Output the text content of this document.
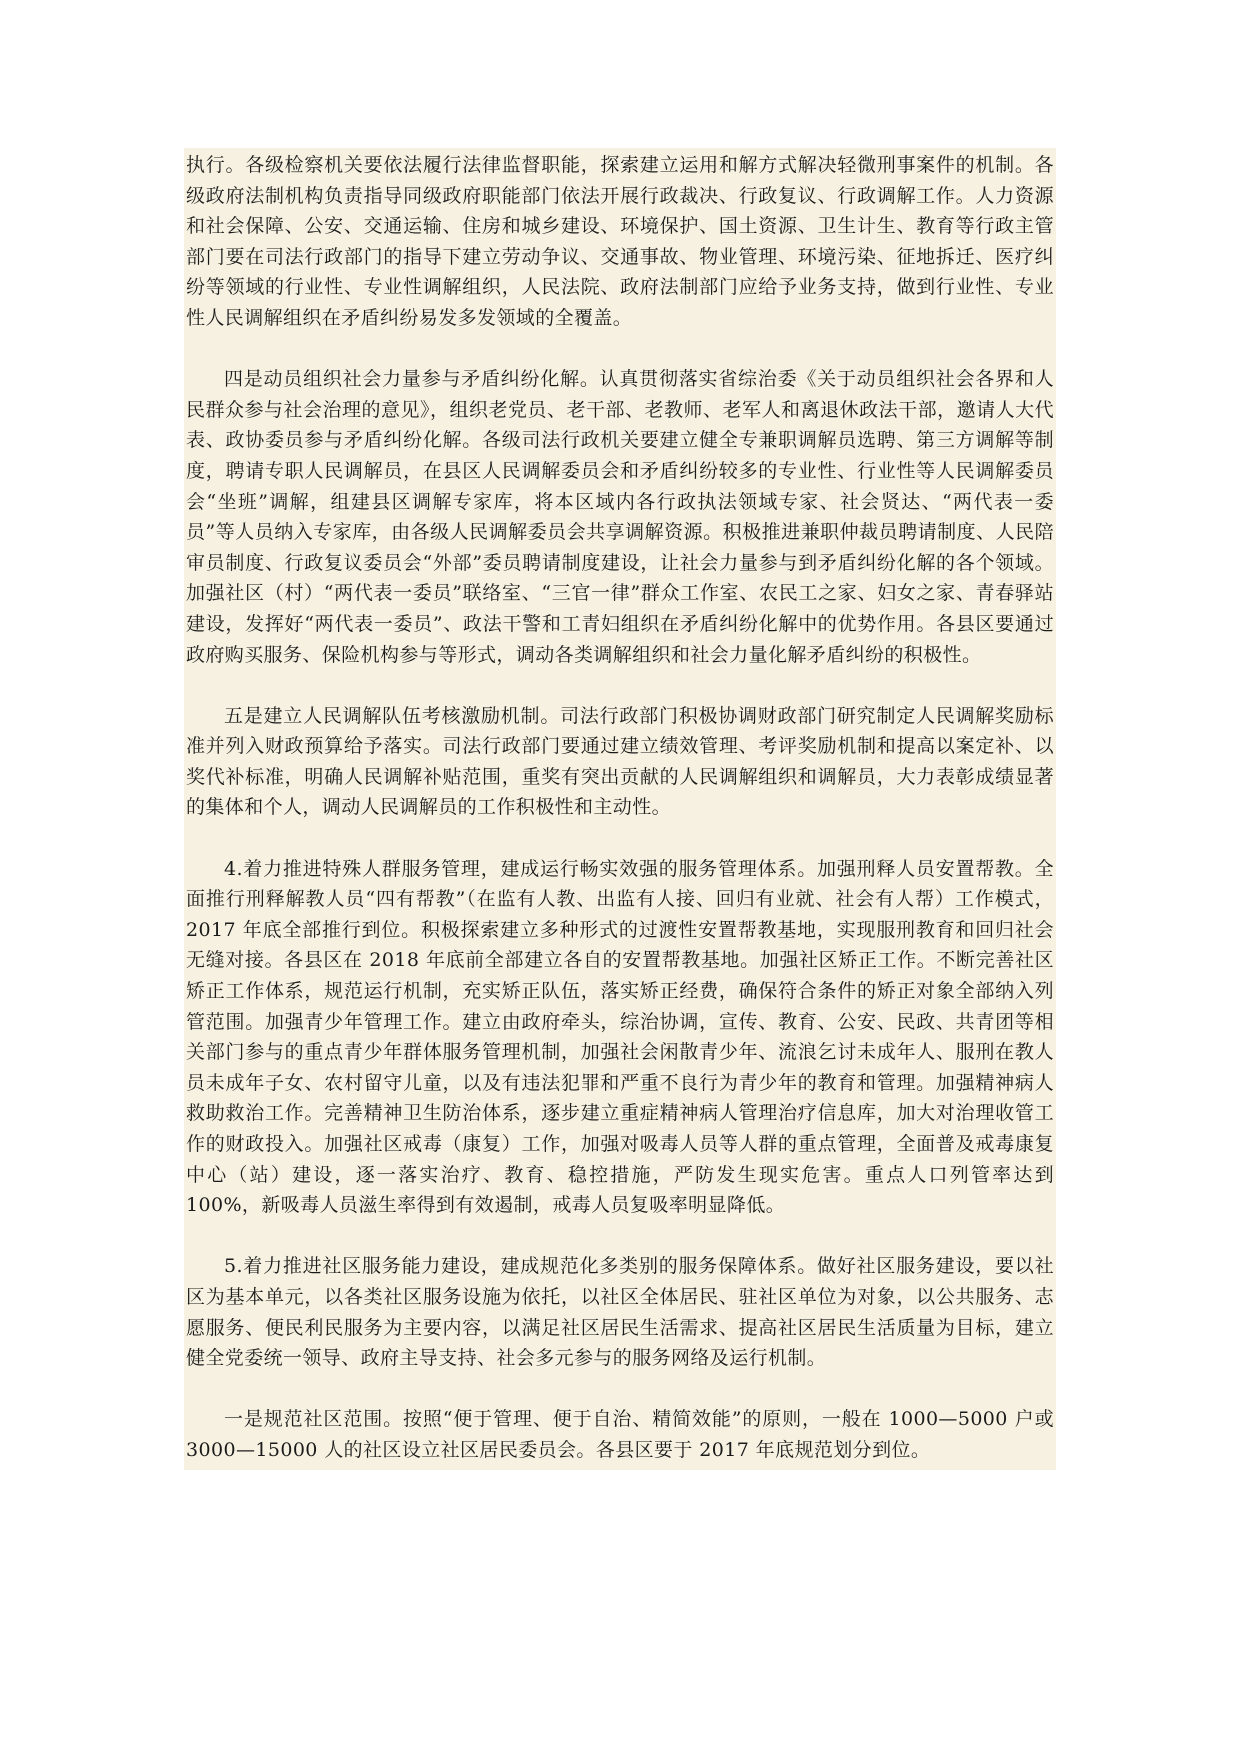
执行。各级检察机关要依法履行法律监督职能，探索建立运用和解方式解决轻微刑事案件的机制。各级政府法制机构负责指导同级政府职能部门依法开展行政裁决、行政复议、行政调解工作。人力资源和社会保障、公安、交通运输、住房和城乡建设、环境保护、国土资源、卫生计生、教育等行政主管部门要在司法行政部门的指导下建立劳动争议、交通事故、物业管理、环境污染、征地拆迁、医疗纠纷等领域的行业性、专业性调解组织，人民法院、政府法制部门应给予业务支持，做到行业性、专业性人民调解组织在矛盾纠纷易发多发领域的全覆盖。

四是动员组织社会力量参与矛盾纠纷化解。认真贯彻落实省综治委《关于动员组织社会各界和人民群众参与社会治理的意见》，组织老党员、老干部、老教师、老军人和离退休政法干部，邀请人大代表、政协委员参与矛盾纠纷化解。各级司法行政机关要建立健全专兼职调解员选聘、第三方调解等制度，聘请专职人民调解员，在县区人民调解委员会和矛盾纠纷较多的专业性、行业性等人民调解委员会“坐班”调解，组建县区调解专家库，将本区域内各行政执法领域专家、社会贤达、“两代表一委员”等人员纳入专家库，由各级人民调解委员会共享调解资源。积极推进兼职仲裁员聘请制度、人民陪审员制度、行政复议委员会“外部”委员聘请制度建设，让社会力量参与到矛盾纠纷化解的各个领域。加强社区（村）“两代表一委员”联络室、“三官一律”群众工作室、农民工之家、妇女之家、青春驿站建设，发挥好“两代表一委员”、政法干警和工青妇组织在矛盾纠纷化解中的优势作用。各县区要通过政府购买服务、保险机构参与等形式，调动各类调解组织和社会力量化解矛盾纠纷的积极性。

五是建立人民调解队伍考核激励机制。司法行政部门积极协调财政部门研究制定人民调解奖励标准并列入财政预算给予落实。司法行政部门要通过建立绩效管理、考评奖励机制和提高以案定补、以奖代补标准，明确人民调解补贴范围，重奖有突出贡献的人民调解组织和调解员，大力表彰成绩显著的集体和个人，调动人民调解员的工作积极性和主动性。

4.着力推进特殊人群服务管理，建成运行畅实效强的服务管理体系。加强刑释人员安置帮教。全面推行刑释解教人员“四有帮教”（在监有人教、出监有人接、回归有业就、社会有人帮）工作模式，2017 年底全部推行到位。积极探索建立多种形式的过渡性安置帮教基地，实现服刑教育和回归社会无缝对接。各县区在 2018 年底前全部建立各自的安置帮教基地。加强社区矫正工作。不断完善社区矫正工作体系，规范运行机制，充实矫正队伍，落实矫正经费，确保符合条件的矫正对象全部纳入列管范围。加强青少年管理工作。建立由政府牵头，综治协调，宣传、教育、公安、民政、共青团等相关部门参与的重点青少年群体服务管理机制，加强社会闲散青少年、流浪乞讨未成年人、服刑在教人员未成年子女、农村留守儿童，以及有违法犯罪和严重不良行为青少年的教育和管理。加强精神病人救助救治工作。完善精神卫生防治体系，逐步建立重症精神病人管理治疗信息库，加大对治理收管工作的财政投入。加强社区戒毒（康复）工作，加强对吸毒人员等人群的重点管理，全面普及戒毒康复中心（站）建设，逐一落实治疗、教育、稳控措施，严防发生现实危害。重点人口列管率达到 100%，新吸毒人员滋生率得到有效遏制，戒毒人员复吸率明显降低。

5.着力推进社区服务能力建设，建成规范化多类别的服务保障体系。做好社区服务建设，要以社区为基本单元，以各类社区服务设施为依托，以社区全体居民、驻社区单位为对象，以公共服务、志愿服务、便民利民服务为主要内容，以满足社区居民生活需求、提高社区居民生活质量为目标，建立健全党委统一领导、政府主导支持、社会多元参与的服务网络及运行机制。

一是规范社区范围。按照“便于管理、便于自治、精简效能”的原则，一般在 1000—5000 户或 3000—15000 人的社区设立社区居民委员会。各县区要于 2017 年底规范划分到位。
